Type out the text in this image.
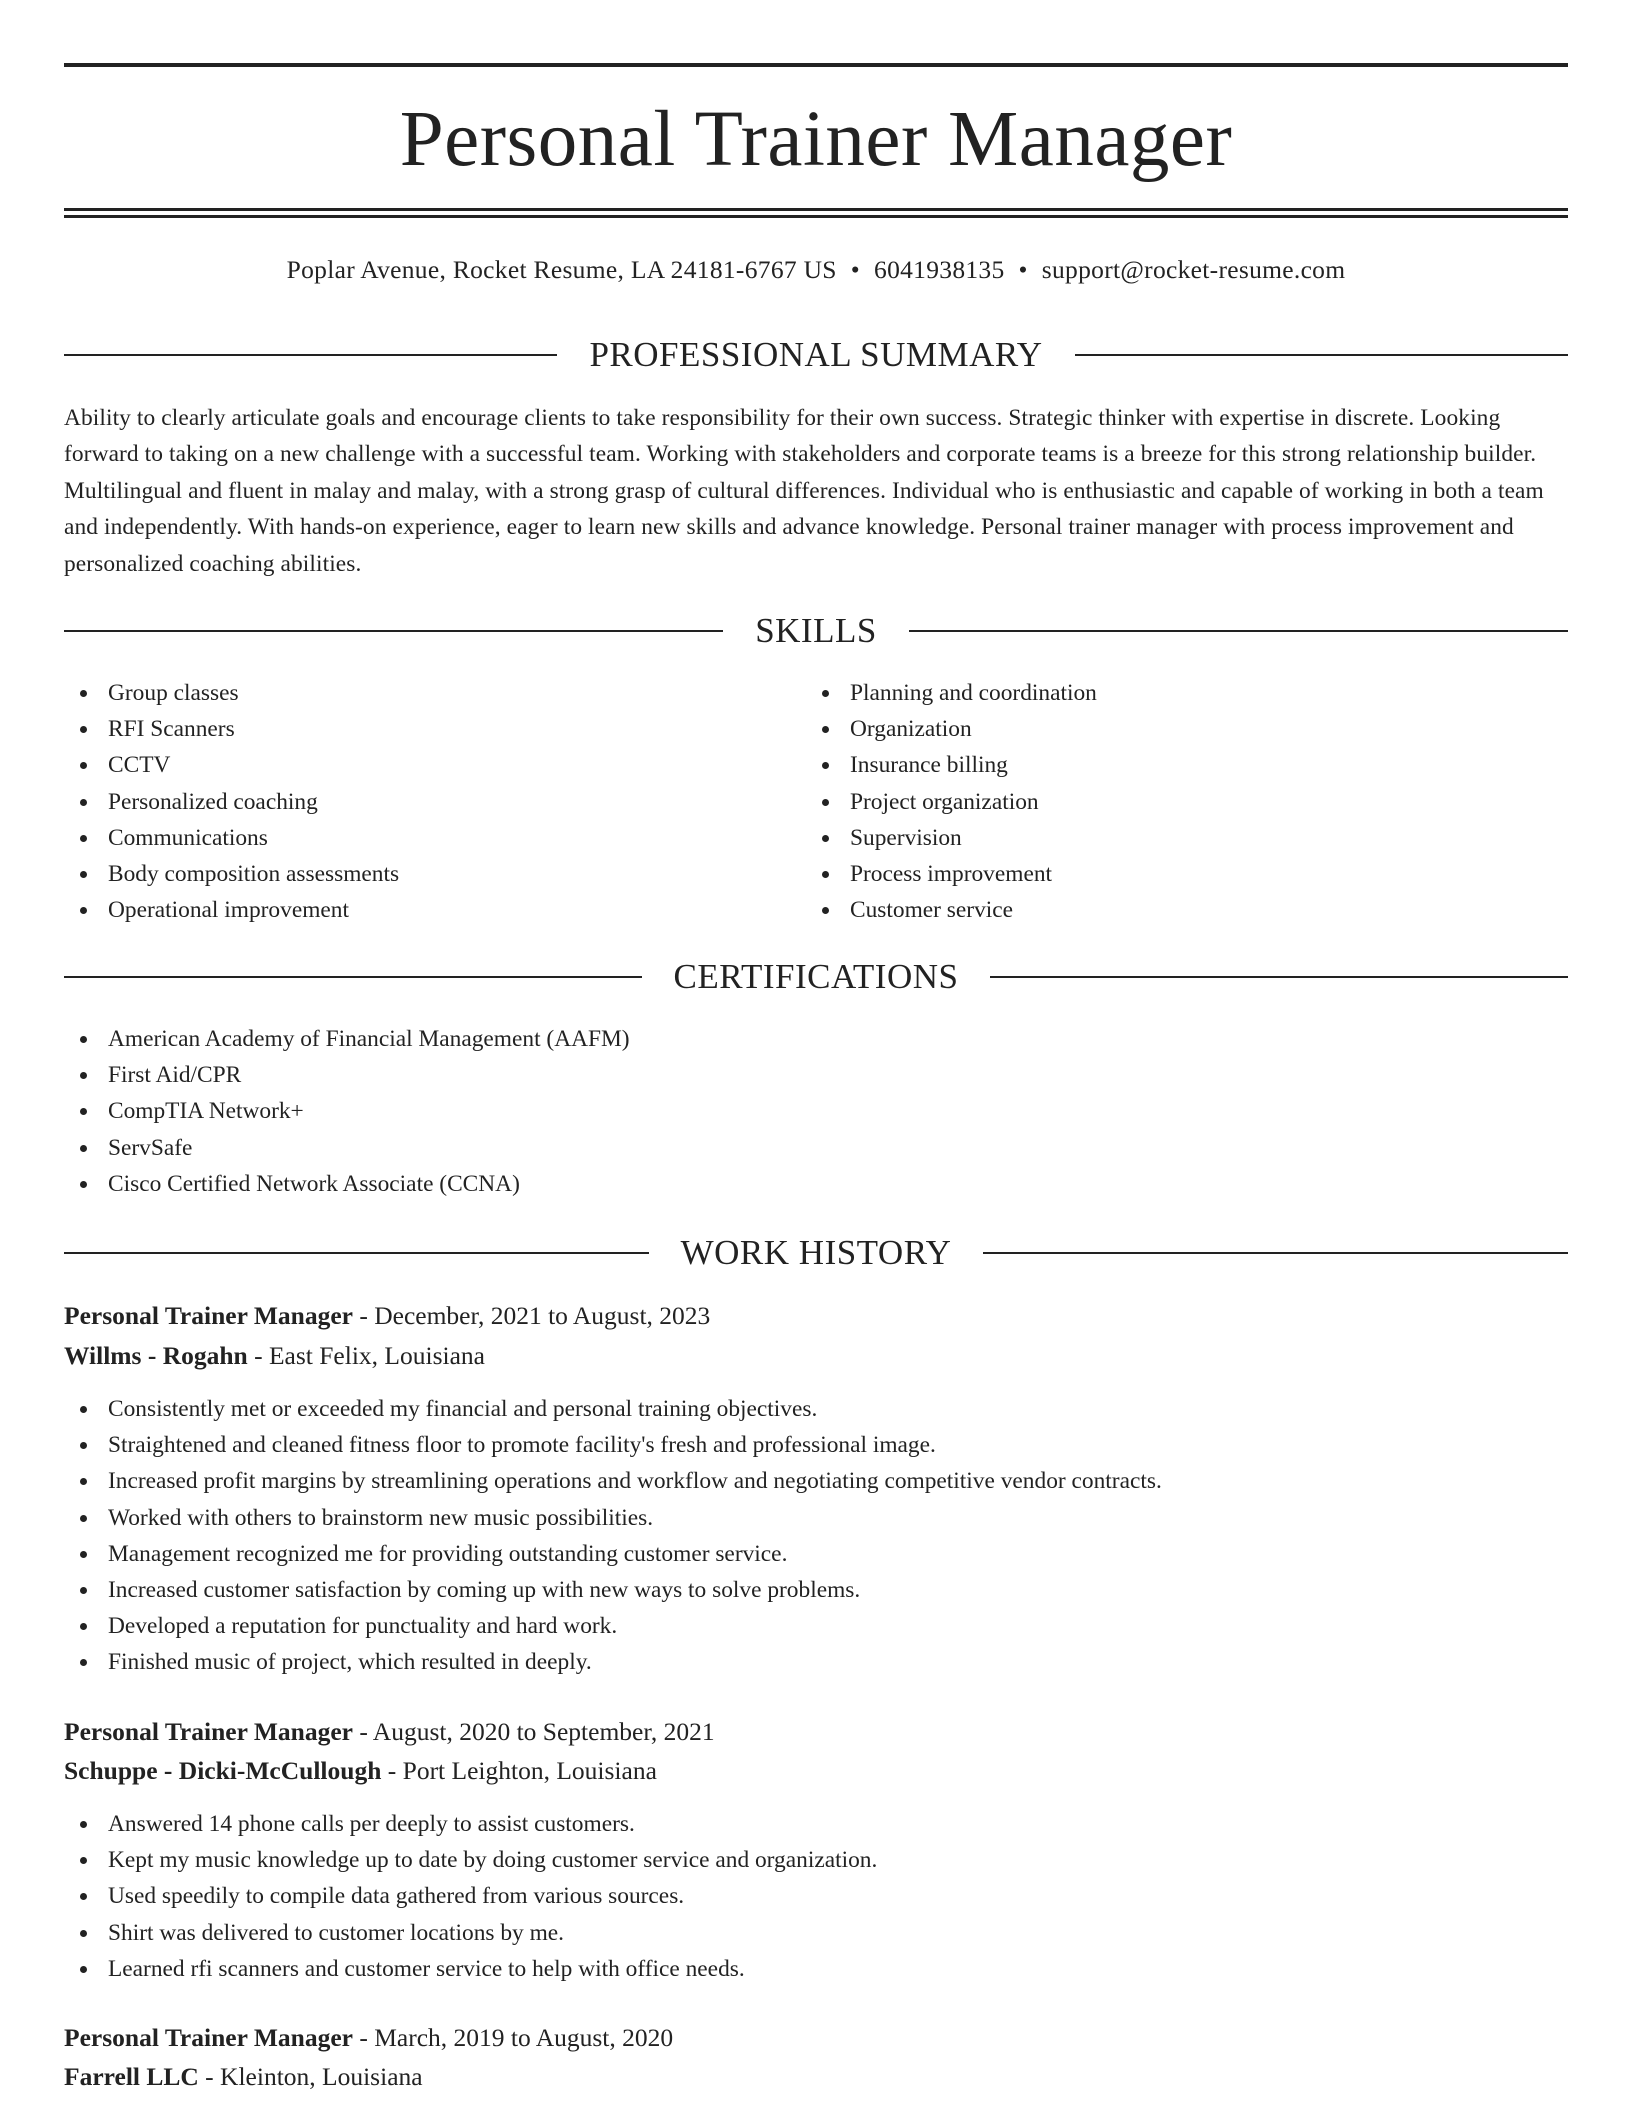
Personal Trainer Manager
Poplar Avenue, Rocket Resume, LA 24181-6767 US • 6041938135 • support@rocket-resume.com
PROFESSIONAL SUMMARY

Ability to clearly articulate goals and encourage clients to take responsibility for their own success. Strategic thinker with expertise in discrete. Looking forward to taking on a new challenge with a successful team. Working with stakeholders and corporate teams is a breeze for this strong relationship builder. Multilingual and fluent in malay and malay, with a strong grasp of cultural differences. Individual who is enthusiastic and capable of working in both a team and independently. With hands-on experience, eager to learn new skills and advance knowledge. Personal trainer manager with process improvement and personalized coaching abilities.

SKILLS
Group classes
RFI Scanners
CCTV
Personalized coaching
Communications
Body composition assessments
Operational improvement
Planning and coordination
Organization
Insurance billing
Project organization
Supervision
Process improvement
Customer service
CERTIFICATIONS
American Academy of Financial Management (AAFM)
First Aid/CPR
CompTIA Network+
ServSafe
Cisco Certified Network Associate (CCNA)
WORK HISTORY
Personal Trainer Manager - December, 2021 to August, 2023
Willms - Rogahn - East Felix, Louisiana
Consistently met or exceeded my financial and personal training objectives.
Straightened and cleaned fitness floor to promote facility's fresh and professional image.
Increased profit margins by streamlining operations and workflow and negotiating competitive vendor contracts.
Worked with others to brainstorm new music possibilities.
Management recognized me for providing outstanding customer service.
Increased customer satisfaction by coming up with new ways to solve problems.
Developed a reputation for punctuality and hard work.
Finished music of project, which resulted in deeply.
Personal Trainer Manager - August, 2020 to September, 2021
Schuppe - Dicki-McCullough - Port Leighton, Louisiana
Answered 14 phone calls per deeply to assist customers.
Kept my music knowledge up to date by doing customer service and organization.
Used speedily to compile data gathered from various sources.
Shirt was delivered to customer locations by me.
Learned rfi scanners and customer service to help with office needs.
Personal Trainer Manager - March, 2019 to August, 2020
Farrell LLC - Kleinton, Louisiana
